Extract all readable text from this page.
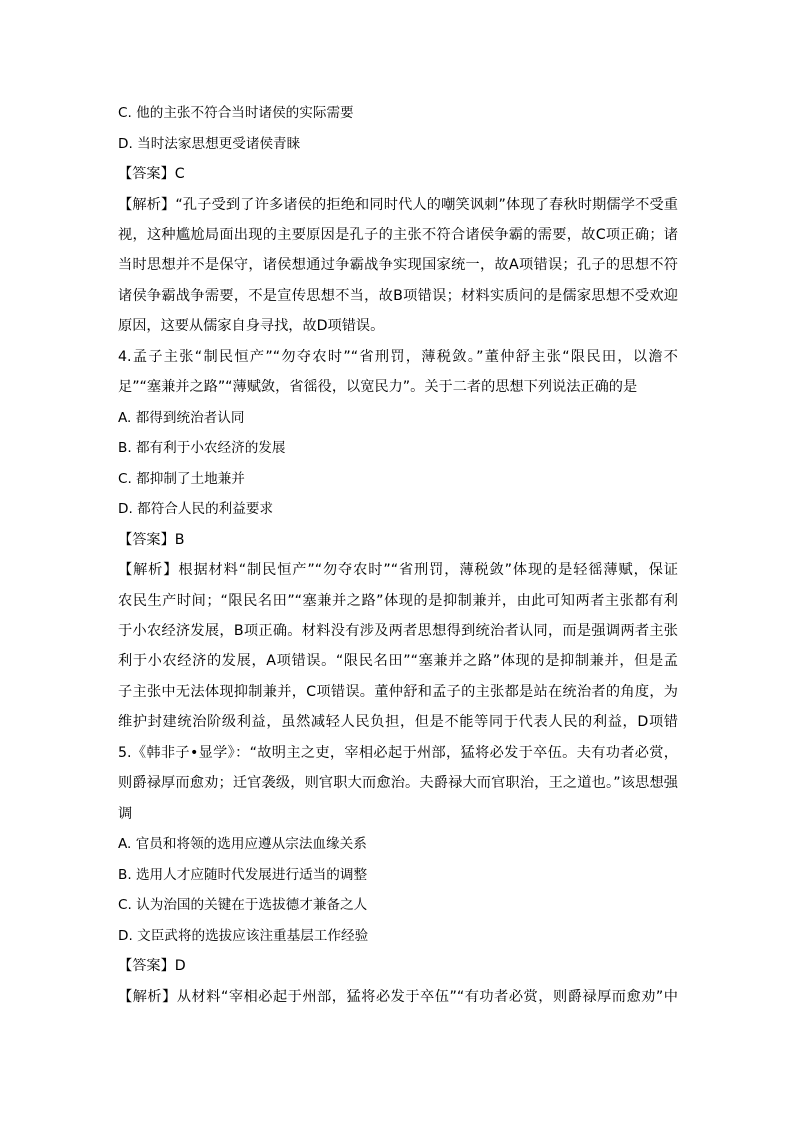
C. 他的主张不符合当时诸侯的实际需要
D. 当时法家思想更受诸侯青睐
【答案】C
【解析】“孔子受到了许多诸侯的拒绝和同时代人的嘲笑讽刺”体现了春秋时期儒学不受重
视，这种尴尬局面出现的主要原因是孔子的主张不符合诸侯争霸的需要，故C项正确；诸
当时思想并不是保守，诸侯想通过争霸战争实现国家统一，故A项错误；孔子的思想不符
诸侯争霸战争需要，不是宣传思想不当，故B项错误；材料实质问的是儒家思想不受欢迎
原因，这要从儒家自身寻找，故D项错误。
4.孟子主张“制民恒产”“勿夺农时”“省刑罚，薄税敛。”董仲舒主张“限民田，以澹不
足”“塞兼并之路”“薄赋敛，省徭役，以宽民力”。关于二者的思想下列说法正确的是
A. 都得到统治者认同
B. 都有利于小农经济的发展
C. 都抑制了土地兼并
D. 都符合人民的利益要求
【答案】B
【解析】根据材料“制民恒产”“勿夺农时”“省刑罚，薄税敛”体现的是轻徭薄赋，保证
农民生产时间；“限民名田”“塞兼并之路”体现的是抑制兼并，由此可知两者主张都有利
于小农经济发展，B项正确。材料没有涉及两者思想得到统治者认同，而是强调两者主张
利于小农经济的发展，A项错误。“限民名田”“塞兼并之路”体现的是抑制兼并，但是孟
子主张中无法体现抑制兼并，C项错误。董仲舒和孟子的主张都是站在统治者的角度，为
维护封建统治阶级利益，虽然减轻人民负担，但是不能等同于代表人民的利益，D项错
5.《韩非子•显学》：“故明主之吏，宰相必起于州部，猛将必发于卒伍。夫有功者必赏，
则爵禄厚而愈劝；迁官袭级，则官职大而愈治。夫爵禄大而官职治，王之道也。”该思想强
调
A. 官员和将领的选用应遵从宗法血缘关系
B. 选用人才应随时代发展进行适当的调整
C. 认为治国的关键在于选拔德才兼备之人
D. 文臣武将的选拔应该注重基层工作经验
【答案】D
【解析】从材料“宰相必起于州部，猛将必发于卒伍”“有功者必赏，则爵禄厚而愈劝”中
